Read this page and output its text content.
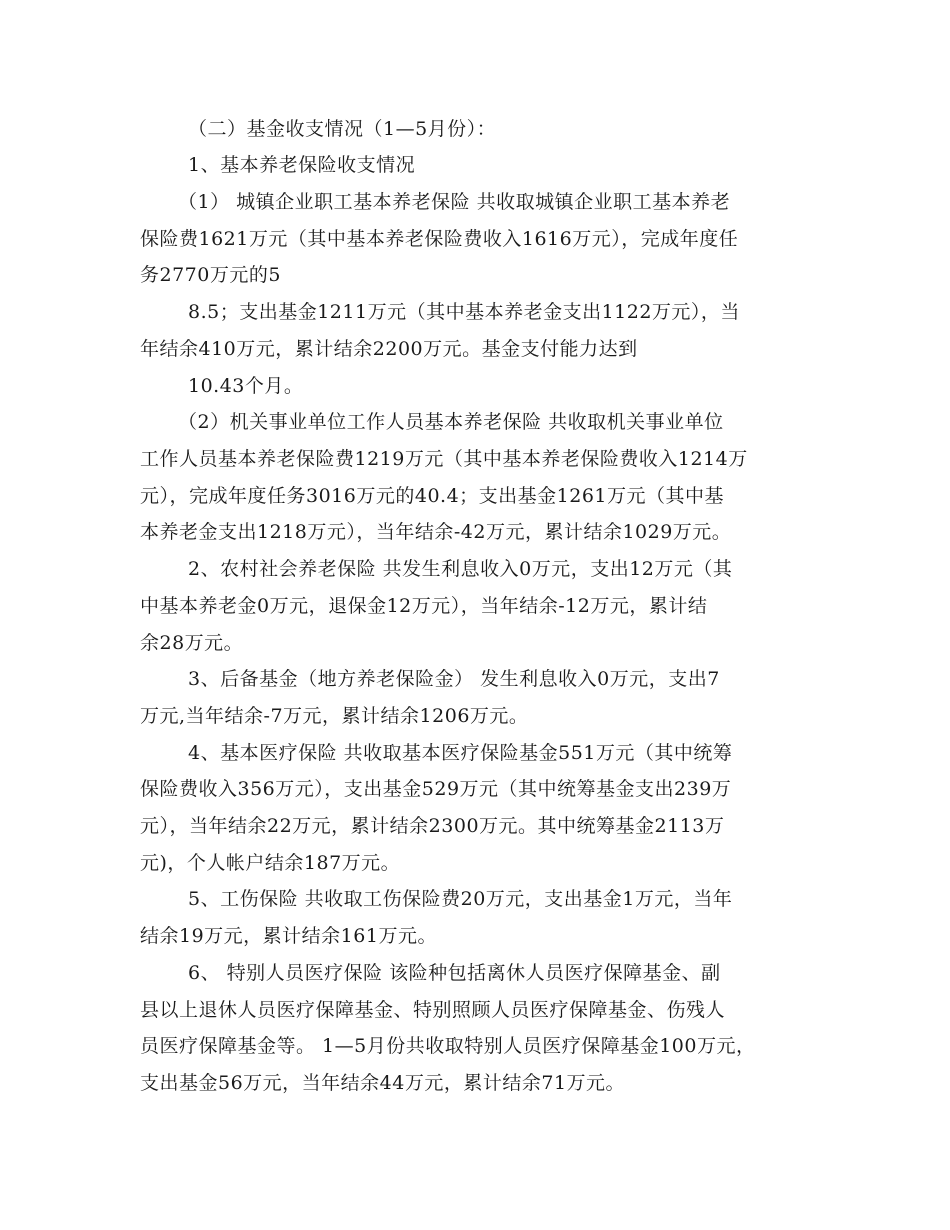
（二）基金收支情况（1—5月份）：
1、基本养老保险收支情况
（1） 城镇企业职工基本养老保险 共收取城镇企业职工基本养老
保险费1621万元（其中基本养老保险费收入1616万元），完成年度任
务2770万元的5
8.5；支出基金1211万元（其中基本养老金支出1122万元），当
年结余410万元，累计结余2200万元。基金支付能力达到
10.43个月。
（2）机关事业单位工作人员基本养老保险 共收取机关事业单位
工作人员基本养老保险费1219万元（其中基本养老保险费收入1214万
元），完成年度任务3016万元的40.4；支出基金1261万元（其中基
本养老金支出1218万元），当年结余-42万元，累计结余1029万元。
2、农村社会养老保险 共发生利息收入0万元，支出12万元（其
中基本养老金0万元，退保金12万元），当年结余-12万元，累计结
余28万元。
3、后备基金（地方养老保险金） 发生利息收入0万元，支出7
万元,当年结余-7万元，累计结余1206万元。
4、基本医疗保险 共收取基本医疗保险基金551万元（其中统筹
保险费收入356万元），支出基金529万元（其中统筹基金支出239万
元），当年结余22万元，累计结余2300万元。其中统筹基金2113万
元)，个人帐户结余187万元。
5、工伤保险 共收取工伤保险费20万元，支出基金1万元，当年
结余19万元，累计结余161万元。
6、 特别人员医疗保险 该险种包括离休人员医疗保障基金、副
县以上退休人员医疗保障基金、特别照顾人员医疗保障基金、伤残人
员医疗保障基金等。 1—5月份共收取特别人员医疗保障基金100万元，
支出基金56万元，当年结余44万元，累计结余71万元。
